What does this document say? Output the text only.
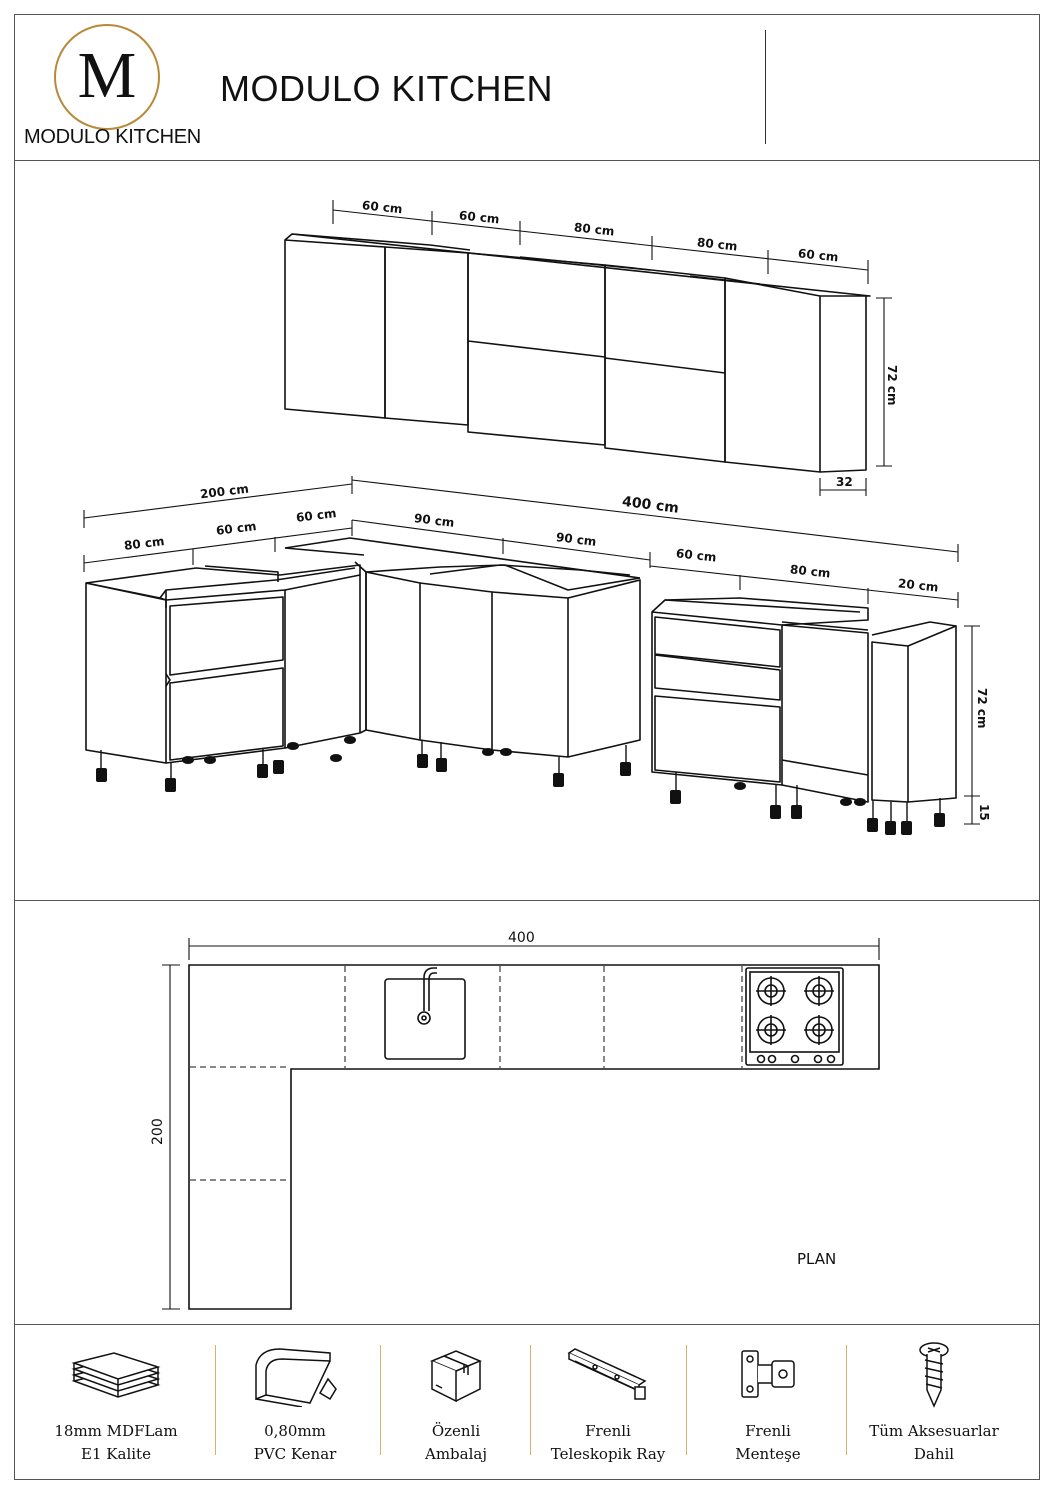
M
MODULO KITCHEN
MODULO KITCHEN
60 cm
60 cm
80 cm
80 cm
60 cm
72 cm
32
200 cm
400 cm
80 cm
60 cm
60 cm	90 cm
90 cm
60 cm
80 cm
20 cm
72 cm
15
400
200
PLAN
18mm MDFLam
E1 Kalite
0,80mm
PVC Kenar
Özenli
Ambalaj
Frenli
Teleskopik Ray
Frenli
Menteşe
Tüm Aksesuarlar
Dahil
